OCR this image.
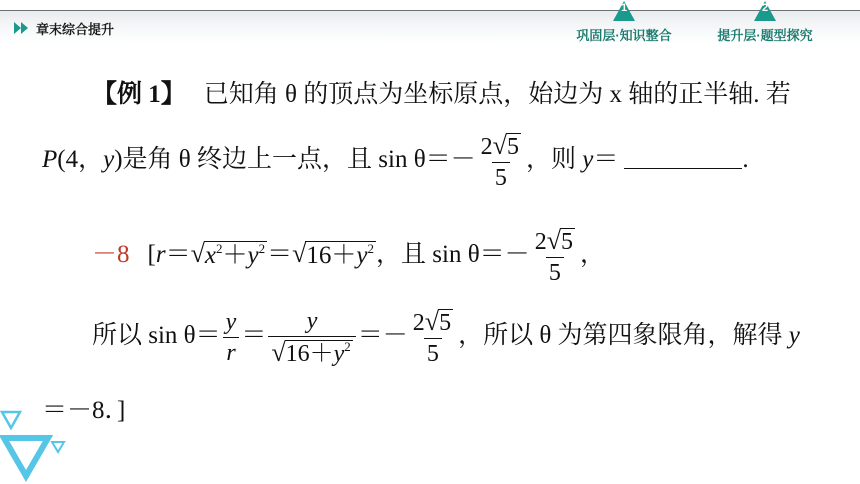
章末综合提升
1
巩固层·知识整合
2
提升层·题型探究
【例 1】 已知角 θ 的顶点为坐标原点，始边为 x 轴的正半轴. 若
P(4，y)是角 θ 终边上一点，且 $\sin \theta=- \frac{2 √ 5}{5}$ ，则 y＝	.
－8 [r＝ √ $x^2+y^2$ ＝ √ $16+y^2$ ，且 $\sin \theta=- \frac{2 √ 5}{5}$ ，
所以 $\sin \theta= \frac{y}{r} = \frac{y}{√ 16+y^2} =- \frac{2 √ 5}{5}$ ，所以 θ 为第四象限角，解得 y
＝－8．]
